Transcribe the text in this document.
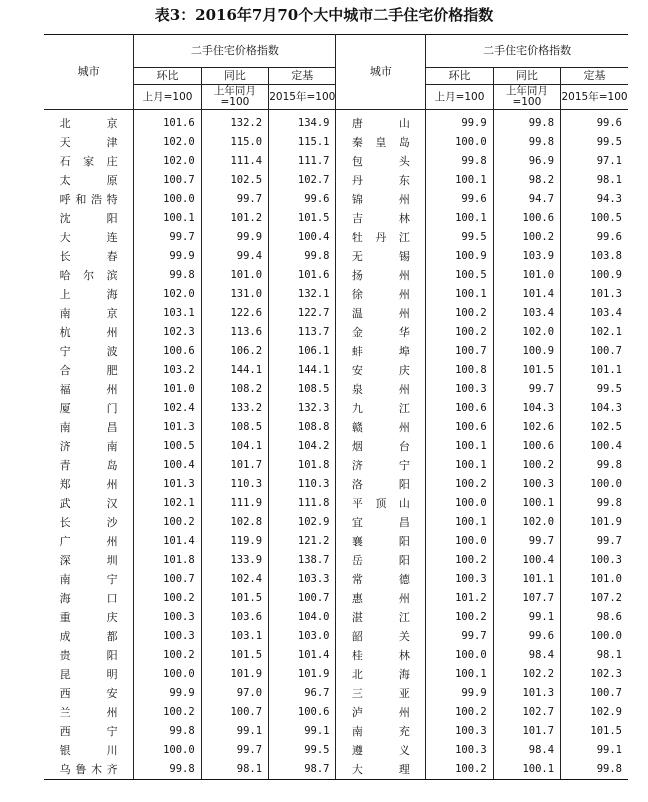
表3：2016年7月70个大中城市二手住宅价格指数
城市	二手住宅价格指数			城市	二手住宅价格指数		
	环比	同比	定基		环比	同比	定基
	上月=100	上年同月=100	2015年=100		上月=100	上年同月=100	2015年=100
北　京	101.6	132.2	134.9	唐　山	99.9	99.8	99.6
天　津	102.0	115.0	115.1	秦皇岛	100.0	99.8	99.5
石家庄	102.0	111.4	111.7	包　头	99.8	96.9	97.1
太　原	100.7	102.5	102.7	丹　东	100.1	98.2	98.1
呼和浩特	100.0	99.7	99.6	锦　州	99.6	94.7	94.3
沈　阳	100.1	101.2	101.5	吉　林	100.1	100.6	100.5
大　连	99.7	99.9	100.4	牡丹江	99.5	100.2	99.6
长　春	99.9	99.4	99.8	无　锡	100.9	103.9	103.8
哈尔滨	99.8	101.0	101.6	扬　州	100.5	101.0	100.9
上　海	102.0	131.0	132.1	徐　州	100.1	101.4	101.3
南　京	103.1	122.6	122.7	温　州	100.2	103.4	103.4
杭　州	102.3	113.6	113.7	金　华	100.2	102.0	102.1
宁　波	100.6	106.2	106.1	蚌　埠	100.7	100.9	100.7
合　肥	103.2	144.1	144.1	安　庆	100.8	101.5	101.1
福　州	101.0	108.2	108.5	泉　州	100.3	99.7	99.5
厦　门	102.4	133.2	132.3	九　江	100.6	104.3	104.3
南　昌	101.3	108.5	108.8	赣　州	100.6	102.6	102.5
济　南	100.5	104.1	104.2	烟　台	100.1	100.6	100.4
青　岛	100.4	101.7	101.8	济　宁	100.1	100.2	99.8
郑　州	101.3	110.3	110.3	洛　阳	100.2	100.3	100.0
武　汉	102.1	111.9	111.8	平顶山	100.0	100.1	99.8
长　沙	100.2	102.8	102.9	宜　昌	100.1	102.0	101.9
广　州	101.4	119.9	121.2	襄　阳	100.0	99.7	99.7
深　圳	101.8	133.9	138.7	岳　阳	100.2	100.4	100.3
南　宁	100.7	102.4	103.3	常　德	100.3	101.1	101.0
海　口	100.2	101.5	100.7	惠　州	101.2	107.7	107.2
重　庆	100.3	103.6	104.0	湛　江	100.2	99.1	98.6
成　都	100.3	103.1	103.0	韶　关	99.7	99.6	100.0
贵　阳	100.2	101.5	101.4	桂　林	100.0	98.4	98.1
昆　明	100.0	101.9	101.9	北　海	100.1	102.2	102.3
西　安	99.9	97.0	96.7	三　亚	99.9	101.3	100.7
兰　州	100.2	100.7	100.6	泸　州	100.2	102.7	102.9
西　宁	99.8	99.1	99.1	南　充	100.3	101.7	101.5
银　川	100.0	99.7	99.5	遵　义	100.3	98.4	99.1
乌鲁木齐	99.8	98.1	98.7	大　理	100.2	100.1	99.8
